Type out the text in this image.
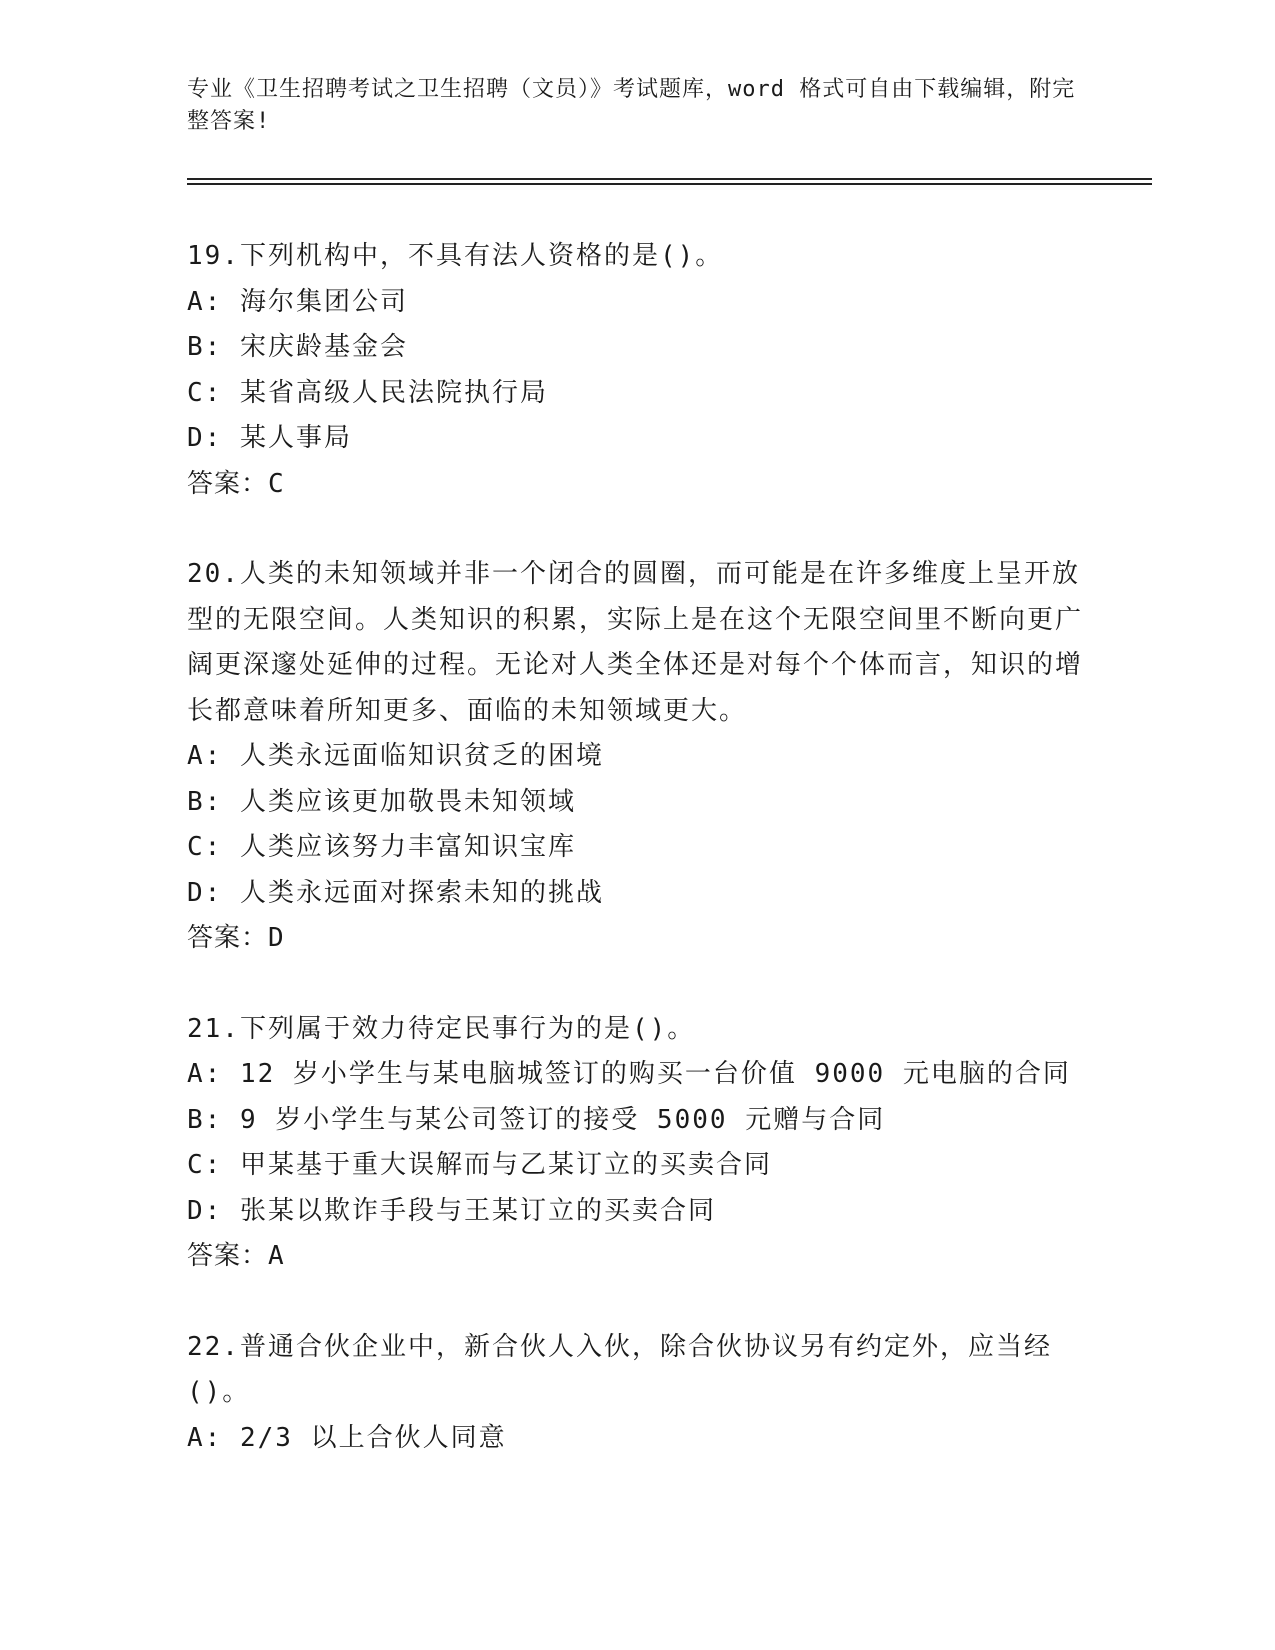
专业《卫生招聘考试之卫生招聘（文员）》考试题库，word 格式可自由下载编辑，附完整答案!

19.下列机构中，不具有法人资格的是()。

A:
海尔集团公司

B:
宋庆龄基金会

C:
某省高级人民法院执行局

D:
某人事局

答案：C

20.人类的未知领域并非一个闭合的圆圈，而可能是在许多维度上呈开放型的无限空间。人类知识的积累，实际上是在这个无限空间里不断向更广阔更深邃处延伸的过程。无论对人类全体还是对每个个体而言，知识的增长都意味着所知更多、面临的未知领域更大。

A:
人类永远面临知识贫乏的困境

B:
人类应该更加敬畏未知领域

C:
人类应该努力丰富知识宝库

D:
人类永远面对探索未知的挑战

答案：D

21.下列属于效力待定民事行为的是()。

A:
12 岁小学生与某电脑城签订的购买一台价值 9000 元电脑的合同

B:
9 岁小学生与某公司签订的接受 5000 元赠与合同

C:
甲某基于重大误解而与乙某订立的买卖合同

D:
张某以欺诈手段与王某订立的买卖合同

答案：A

22.普通合伙企业中，新合伙人入伙，除合伙协议另有约定外，应当经()。

A:
2/3 以上合伙人同意
